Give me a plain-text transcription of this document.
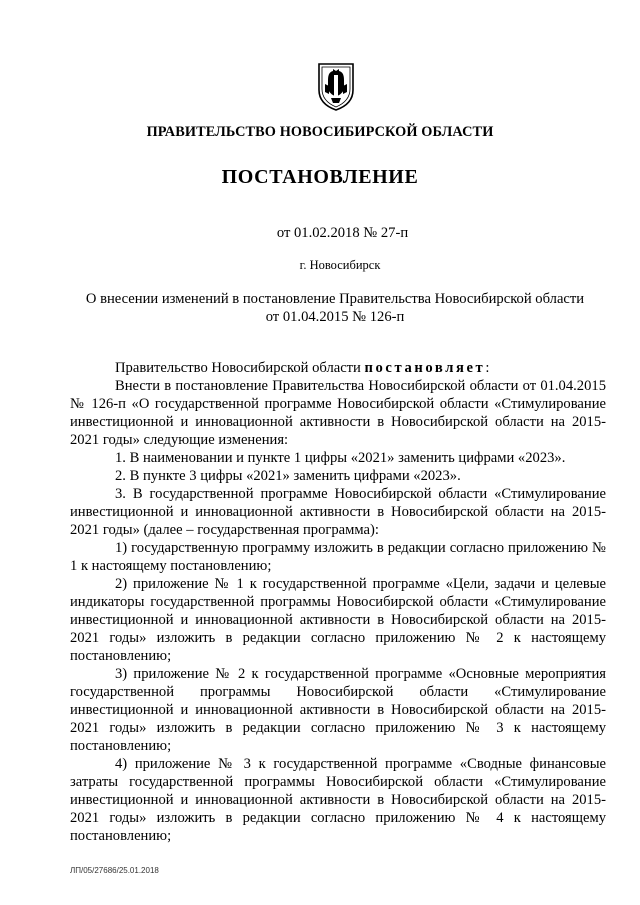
ПРАВИТЕЛЬСТВО НОВОСИБИРСКОЙ ОБЛАСТИ
ПОСТАНОВЛЕНИЕ
от 01.02.2018 № 27-п
г. Новосибирск
О внесении изменений в постановление Правительства Новосибирской области
от 01.04.2015 № 126-п

Правительство Новосибирской области постановляет:

Внести в постановление Правительства Новосибирской области от 01.04.2015 № 126-п «О государственной программе Новосибирской области «Стимулирование инвестиционной и инновационной активности в Новосибирской области на 2015-2021 годы» следующие изменения:

1. В наименовании и пункте 1 цифры «2021» заменить цифрами «2023».

2. В пункте 3 цифры «2021» заменить цифрами «2023».

3. В государственной программе Новосибирской области «Стимулирование инвестиционной и инновационной активности в Новосибирской области на 2015-2021 годы» (далее – государственная программа):

1) государственную программу изложить в редакции согласно приложению № 1 к настоящему постановлению;

2) приложение № 1 к государственной программе «Цели, задачи и целевые индикаторы государственной программы Новосибирской области «Стимулирование инвестиционной и инновационной активности в Новосибирской области на 2015-2021 годы» изложить в редакции согласно приложению № 2 к настоящему постановлению;

3) приложение № 2 к государственной программе «Основные мероприятия государственной программы Новосибирской области «Стимулирование инвестиционной и инновационной активности в Новосибирской области на 2015-2021 годы» изложить в редакции согласно приложению № 3 к настоящему постановлению;

4) приложение № 3 к государственной программе «Сводные финансовые затраты государственной программы Новосибирской области «Стимулирование инвестиционной и инновационной активности в Новосибирской области на 2015-2021 годы» изложить в редакции согласно приложению № 4 к настоящему постановлению;

ЛП/05/27686/25.01.2018
